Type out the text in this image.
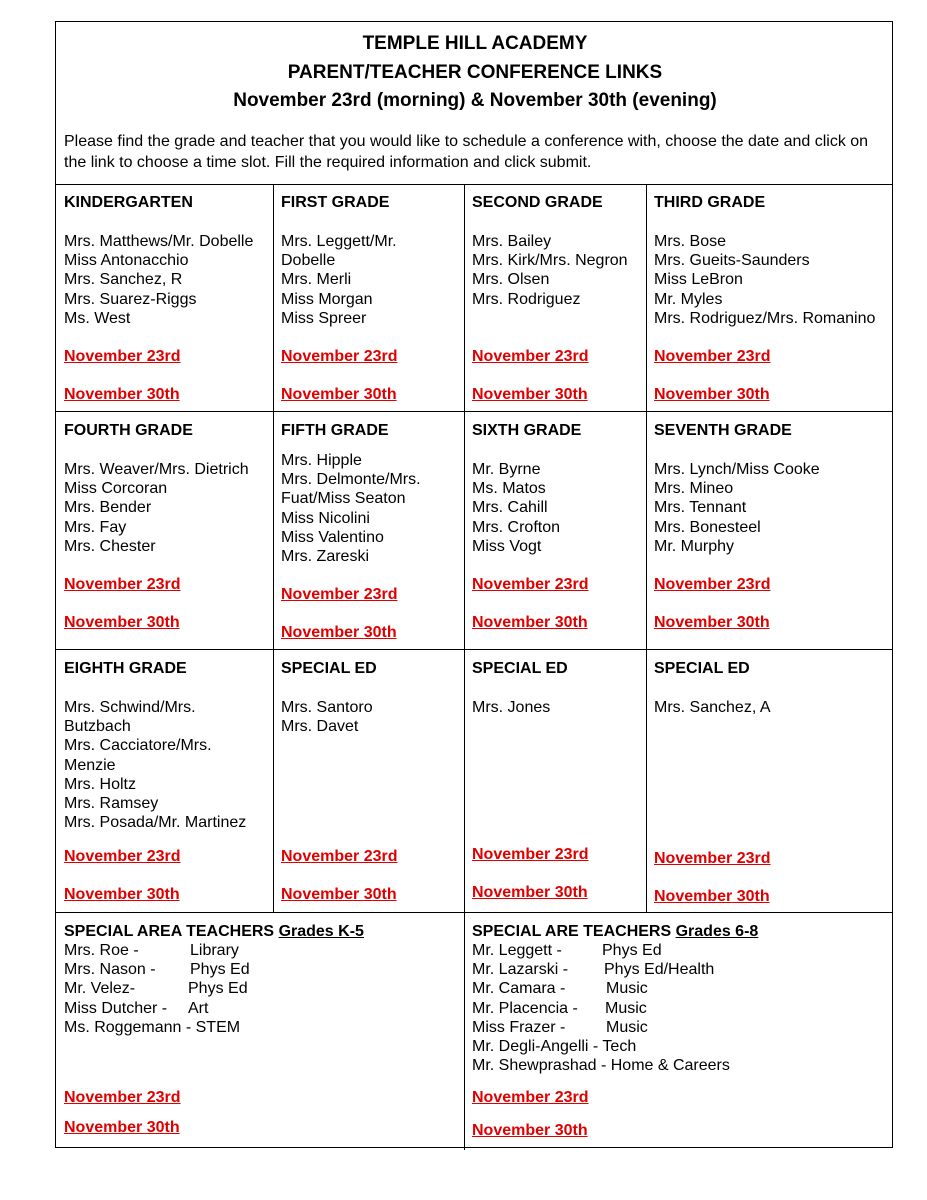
TEMPLE HILL ACADEMY
PARENT/TEACHER CONFERENCE LINKS
November 23rd (morning) & November 30th (evening)
Please find the grade and teacher that you would like to schedule a conference with, choose the date and click on the link to choose a time slot. Fill the required information and click submit.
KINDERGARTEN
Mrs. Matthews/Mr. Dobelle
Miss Antonacchio
Mrs. Sanchez, R
Mrs. Suarez-Riggs
Ms. West
November 23rd
November 30th
FIRST GRADE
Mrs. Leggett/Mr.
Dobelle
Mrs. Merli
Miss Morgan
Miss Spreer
November 23rd
November 30th
SECOND GRADE
Mrs. Bailey
Mrs. Kirk/Mrs. Negron
Mrs. Olsen
Mrs. Rodriguez
November 23rd
November 30th
THIRD GRADE
Mrs. Bose
Mrs. Gueits-Saunders
Miss LeBron
Mr. Myles
Mrs. Rodriguez/Mrs. Romanino
November 23rd
November 30th
FOURTH GRADE
Mrs. Weaver/Mrs. Dietrich
Miss Corcoran
Mrs. Bender
Mrs. Fay
Mrs. Chester
November 23rd
November 30th
FIFTH GRADE
Mrs. Hipple
Mrs. Delmonte/Mrs.
Fuat/Miss Seaton
Miss Nicolini
Miss Valentino
Mrs. Zareski
November 23rd
November 30th
SIXTH GRADE
Mr. Byrne
Ms. Matos
Mrs. Cahill
Mrs. Crofton
Miss Vogt
November 23rd
November 30th
SEVENTH GRADE
Mrs. Lynch/Miss Cooke
Mrs. Mineo
Mrs. Tennant
Mrs. Bonesteel
Mr. Murphy
November 23rd
November 30th
EIGHTH GRADE
Mrs. Schwind/Mrs.
Butzbach
Mrs. Cacciatore/Mrs.
Menzie
Mrs. Holtz
Mrs. Ramsey
Mrs. Posada/Mr. Martinez
November 23rd
November 30th
SPECIAL ED
Mrs. Santoro
Mrs. Davet
November 23rd
November 30th
SPECIAL ED
Mrs. Jones
November 23rd
November 30th
SPECIAL ED
Mrs. Sanchez, A
November 23rd
November 30th
SPECIAL AREA TEACHERS Grades K-5
Mrs. Roe -	Library
Mrs. Nason - Phys Ed
Mr. Velez-	Phys Ed
Miss Dutcher - Art
Ms. Roggemann - STEM
November 23rd
November 30th
SPECIAL ARE TEACHERS Grades 6-8
Mr. Leggett -	Phys Ed
Mr. Lazarski - Phys Ed/Health
Mr. Camara -	Music
Mr. Placencia - Music
Miss Frazer -	Music
Mr. Degli-Angelli - Tech
Mr. Shewprashad - Home & Careers
November 23rd
November 30th
